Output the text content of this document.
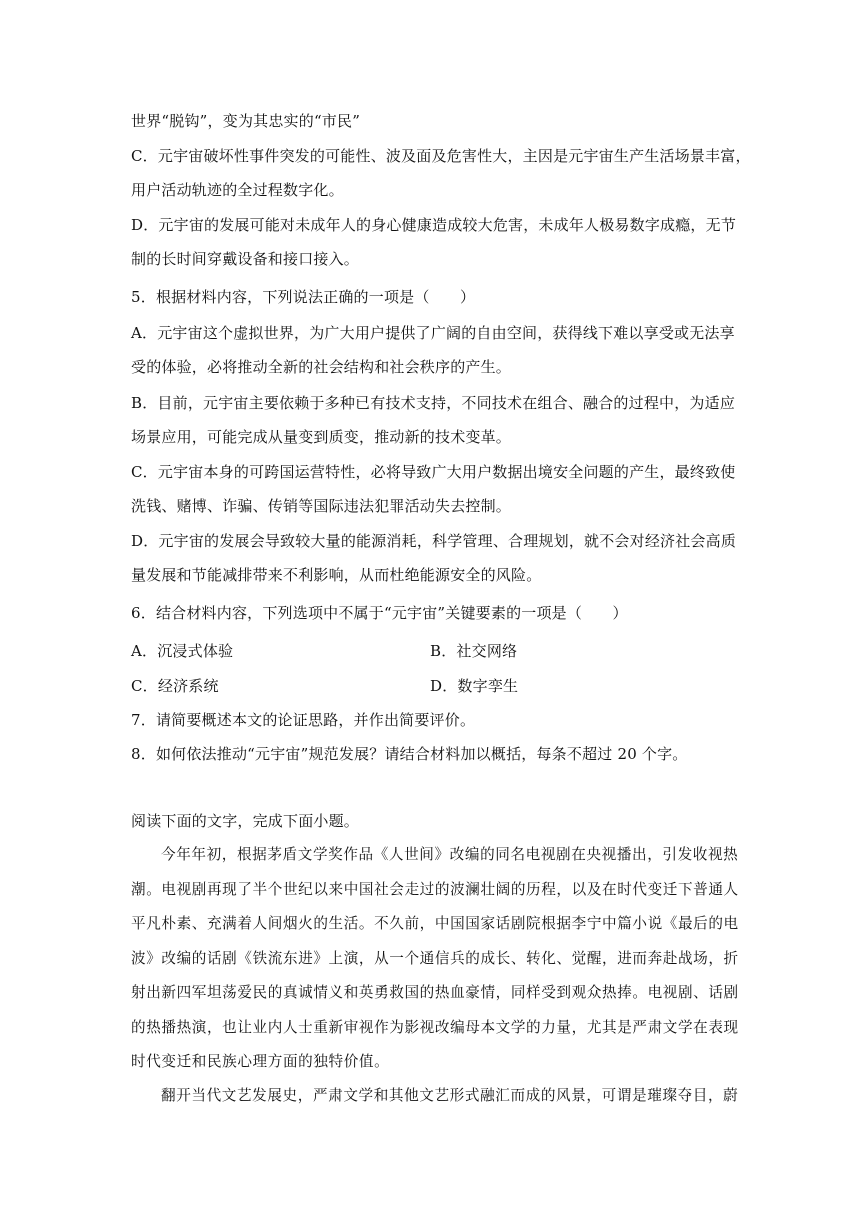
世界“脱钩”，变为其忠实的“市民”
C．元宇宙破坏性事件突发的可能性、波及面及危害性大，主因是元宇宙生产生活场景丰富，
用户活动轨迹的全过程数字化。
D．元宇宙的发展可能对未成年人的身心健康造成较大危害，未成年人极易数字成瘾，无节
制的长时间穿戴设备和接口接入。
5．根据材料内容，下列说法正确的一项是（　　）
A．元宇宙这个虚拟世界，为广大用户提供了广阔的自由空间，获得线下难以享受或无法享
受的体验，必将推动全新的社会结构和社会秩序的产生。
B．目前，元宇宙主要依赖于多种已有技术支持，不同技术在组合、融合的过程中，为适应
场景应用，可能完成从量变到质变，推动新的技术变革。
C．元宇宙本身的可跨国运营特性，必将导致广大用户数据出境安全问题的产生，最终致使
洗钱、赌博、诈骗、传销等国际违法犯罪活动失去控制。
D．元宇宙的发展会导致较大量的能源消耗，科学管理、合理规划，就不会对经济社会高质
量发展和节能减排带来不利影响，从而杜绝能源安全的风险。
6．结合材料内容，下列选项中不属于“元宇宙”关键要素的一项是（　　）
A．沉浸式体验	B．社交网络
C．经济系统	D．数字孪生
7．请简要概述本文的论证思路，并作出简要评价。
8．如何依法推动“元宇宙”规范发展？请结合材料加以概括，每条不超过 20 个字。
阅读下面的文字，完成下面小题。
今年年初，根据茅盾文学奖作品《人世间》改编的同名电视剧在央视播出，引发收视热
潮。电视剧再现了半个世纪以来中国社会走过的波澜壮阔的历程，以及在时代变迁下普通人
平凡朴素、充满着人间烟火的生活。不久前，中国国家话剧院根据李宁中篇小说《最后的电
波》改编的话剧《铁流东进》上演，从一个通信兵的成长、转化、觉醒，进而奔赴战场，折
射出新四军坦荡爱民的真诚情义和英勇救国的热血豪情，同样受到观众热捧。电视剧、话剧
的热播热演，也让业内人士重新审视作为影视改编母本文学的力量，尤其是严肃文学在表现
时代变迁和民族心理方面的独特价值。
翻开当代文艺发展史，严肃文学和其他文艺形式融汇而成的风景，可谓是璀璨夺目，蔚
